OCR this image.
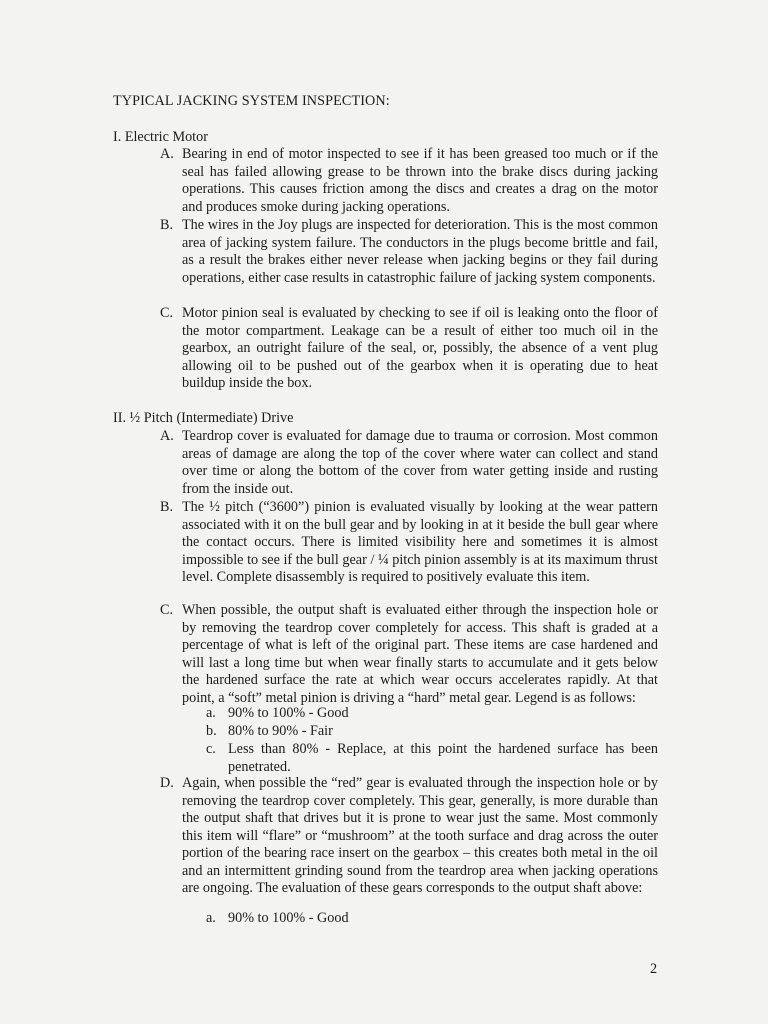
TYPICAL JACKING SYSTEM INSPECTION:
I. Electric Motor
A. Bearing in end of motor inspected to see if it has been greased too much or if the seal has failed allowing grease to be thrown into the brake discs during jacking operations. This causes friction among the discs and creates a drag on the motor and produces smoke during jacking operations.
B. The wires in the Joy plugs are inspected for deterioration. This is the most common area of jacking system failure. The conductors in the plugs become brittle and fail, as a result the brakes either never release when jacking begins or they fail during operations, either case results in catastrophic failure of jacking system components.
C. Motor pinion seal is evaluated by checking to see if oil is leaking onto the floor of the motor compartment. Leakage can be a result of either too much oil in the gearbox, an outright failure of the seal, or, possibly, the absence of a vent plug allowing oil to be pushed out of the gearbox when it is operating due to heat buildup inside the box.
II. ½ Pitch (Intermediate) Drive
A. Teardrop cover is evaluated for damage due to trauma or corrosion. Most common areas of damage are along the top of the cover where water can collect and stand over time or along the bottom of the cover from water getting inside and rusting from the inside out.
B. The ½ pitch (“3600”) pinion is evaluated visually by looking at the wear pattern associated with it on the bull gear and by looking in at it beside the bull gear where the contact occurs. There is limited visibility here and sometimes it is almost impossible to see if the bull gear / ¼ pitch pinion assembly is at its maximum thrust level. Complete disassembly is required to positively evaluate this item.
C. When possible, the output shaft is evaluated either through the inspection hole or by removing the teardrop cover completely for access. This shaft is graded at a percentage of what is left of the original part. These items are case hardened and will last a long time but when wear finally starts to accumulate and it gets below the hardened surface the rate at which wear occurs accelerates rapidly. At that point, a “soft” metal pinion is driving a “hard” metal gear. Legend is as follows:
a. 90% to 100% - Good
b. 80% to 90% - Fair
c. Less than 80% - Replace, at this point the hardened surface has been penetrated.
D. Again, when possible the “red” gear is evaluated through the inspection hole or by removing the teardrop cover completely. This gear, generally, is more durable than the output shaft that drives but it is prone to wear just the same. Most commonly this item will “flare” or “mushroom” at the tooth surface and drag across the outer portion of the bearing race insert on the gearbox – this creates both metal in the oil and an intermittent grinding sound from the teardrop area when jacking operations are ongoing. The evaluation of these gears corresponds to the output shaft above:
a. 90% to 100% - Good
2
